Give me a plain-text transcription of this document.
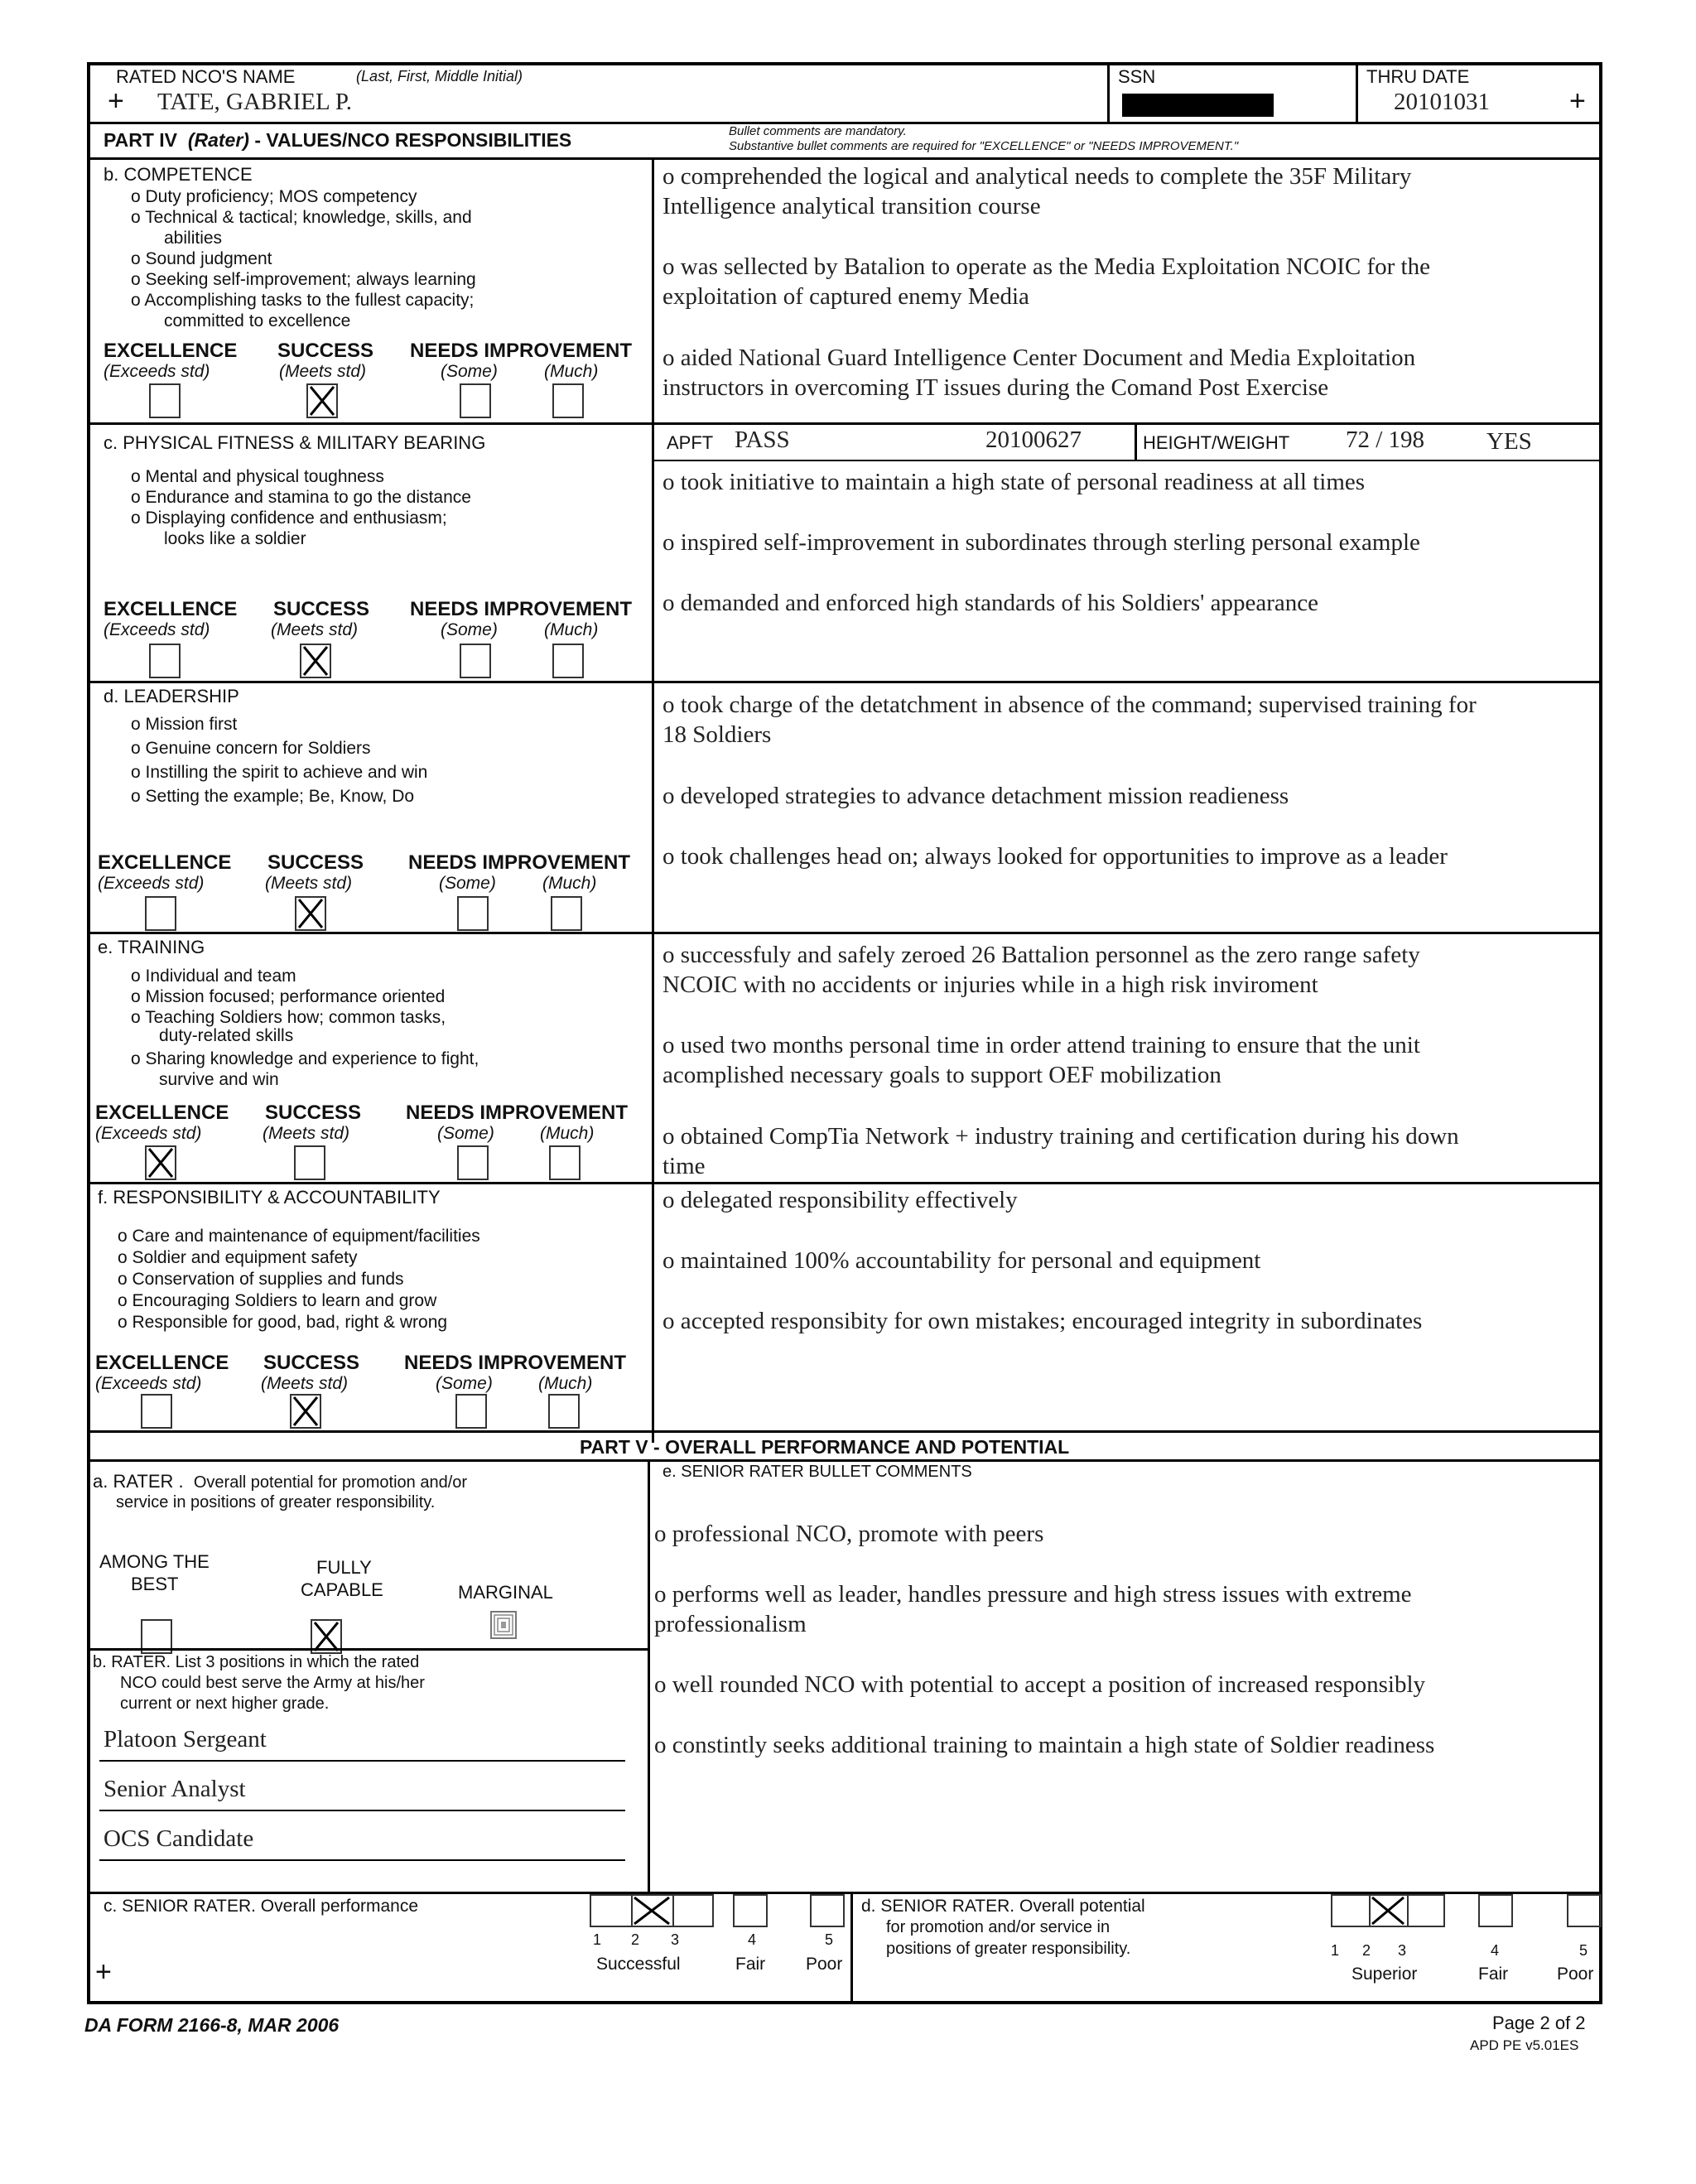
RATED NCO'S NAME	(Last, First, Middle Initial)
+ TATE, GABRIEL P.
SSN	THRU DATE
20101031	+
PART IV (Rater) - VALUES/NCO RESPONSIBILITIES	Bullet comments are mandatory.
Substantive bullet comments are required for "EXCELLENCE" or "NEEDS IMPROVEMENT."
b. COMPETENCE
o Duty proficiency; MOS competency
o Technical & tactical; knowledge, skills, and
abilities
o Sound judgment
o Seeking self-improvement; always learning
o Accomplishing tasks to the fullest capacity;
committed to excellence
EXCELLENCE
(Exceeds std)
SUCCESS
(Meets std)
NEEDS IMPROVEMENT
(Some)	(Much)
o comprehended the logical and analytical needs to complete the 35F Military
Intelligence analytical transition course
o was sellected by Batalion to operate as the Media Exploitation NCOIC for the
exploitation of captured enemy Media
o aided National Guard Intelligence Center Document and Media Exploitation
instructors in overcoming IT issues during the Comand Post Exercise
c. PHYSICAL FITNESS & MILITARY BEARING
o Mental and physical toughness
o Endurance and stamina to go the distance
o Displaying confidence and enthusiasm;
looks like a soldier
EXCELLENCE
(Exceeds std)
SUCCESS
(Meets std)
NEEDS IMPROVEMENT
(Some)	(Much)
APFT PASS	20100627	HEIGHT/WEIGHT 72 / 198	YES
o took initiative to maintain a high state of personal readiness at all times
o inspired self-improvement in subordinates through sterling personal example
o demanded and enforced high standards of his Soldiers' appearance
d. LEADERSHIP
o Mission first
o Genuine concern for Soldiers
o Instilling the spirit to achieve and win
o Setting the example; Be, Know, Do
EXCELLENCE
(Exceeds std)
SUCCESS
(Meets std)
NEEDS IMPROVEMENT
(Some)	(Much)
o took charge of the detatchment in absence of the command; supervised training for
18 Soldiers
o developed strategies to advance detachment mission readieness
o took challenges head on; always looked for opportunities to improve as a leader
e. TRAINING
o Individual and team
o Mission focused; performance oriented
o Teaching Soldiers how; common tasks,
duty-related skills
o Sharing knowledge and experience to fight,
survive and win
EXCELLENCE
(Exceeds std)
SUCCESS
(Meets std)
NEEDS IMPROVEMENT
(Some)	(Much)
o successfuly and safely zeroed 26 Battalion personnel as the zero range safety
NCOIC with no accidents or injuries while in a high risk inviroment
o used two months personal time in order attend training to ensure that the unit
acomplished necessary goals to support OEF mobilization
o obtained CompTia Network + industry training and certification during his down
time
f. RESPONSIBILITY & ACCOUNTABILITY
o Care and maintenance of equipment/facilities
o Soldier and equipment safety
o Conservation of supplies and funds
o Encouraging Soldiers to learn and grow
o Responsible for good, bad, right & wrong
EXCELLENCE
(Exceeds std)
SUCCESS
(Meets std)
NEEDS IMPROVEMENT
(Some)	(Much)
o delegated responsibility effectively
o maintained 100% accountability for personal and equipment
o accepted responsibity for own mistakes; encouraged integrity in subordinates
PART V - OVERALL PERFORMANCE AND POTENTIAL
a. RATER . Overall potential for promotion and/or
service in positions of greater responsibility.
AMONG THE
BEST
FULLY
CAPABLE	MARGINAL
b. RATER. List 3 positions in which the rated
NCO could best serve the Army at his/her
current or next higher grade.
Platoon Sergeant
Senior Analyst
OCS Candidate
e. SENIOR RATER BULLET COMMENTS
o professional NCO, promote with peers
o performs well as leader, handles pressure and high stress issues with extreme
professionalism
o well rounded NCO with potential to accept a position of increased responsibly
o constintly seeks additional training to maintain a high state of Soldier readiness
c. SENIOR RATER. Overall performance
1 2 3	4	5
Successful	Fair Poor
+
d. SENIOR RATER. Overall potential
for promotion and/or service in
positions of greater responsibility.	1 2 3	4	5
Superior	Fair	Poor
DA FORM 2166-8, MAR 2006	Page 2 of 2
APD PE v5.01ES
